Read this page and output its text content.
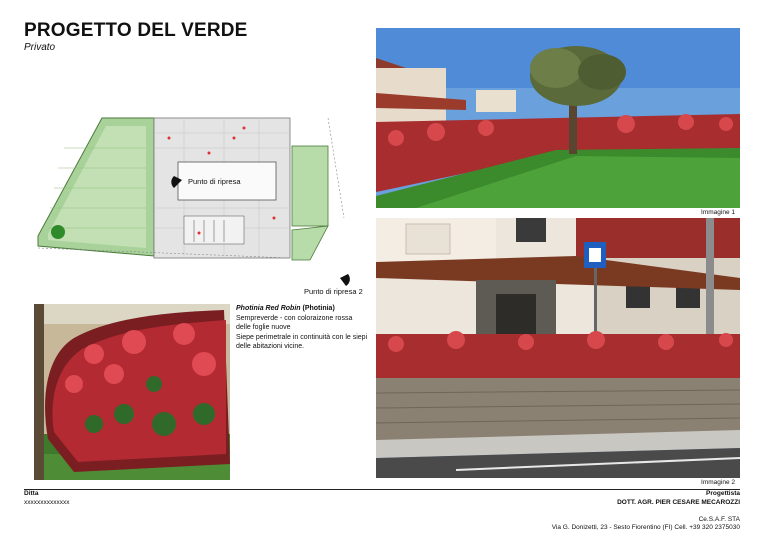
PROGETTO DEL VERDE
Privato
Punto di ripresa
Punto di ripresa 2
Photinia Red Robin (Photinia)
Sempreverde - con coloraizone rossa delle foglie nuove
Siepe perimetrale in continuità con le siepi delle abitazioni vicine.
Immagine 1
Immagine 2
Ditta
xxxxxxxxxxxxxx
Progettista
DOTT. AGR. PIER CESARE MECAROZZI
Ce.S.A.F. STA
Via G. Donizetti, 23 - Sesto Fiorentino (FI) Cell. +39 320 2375030
